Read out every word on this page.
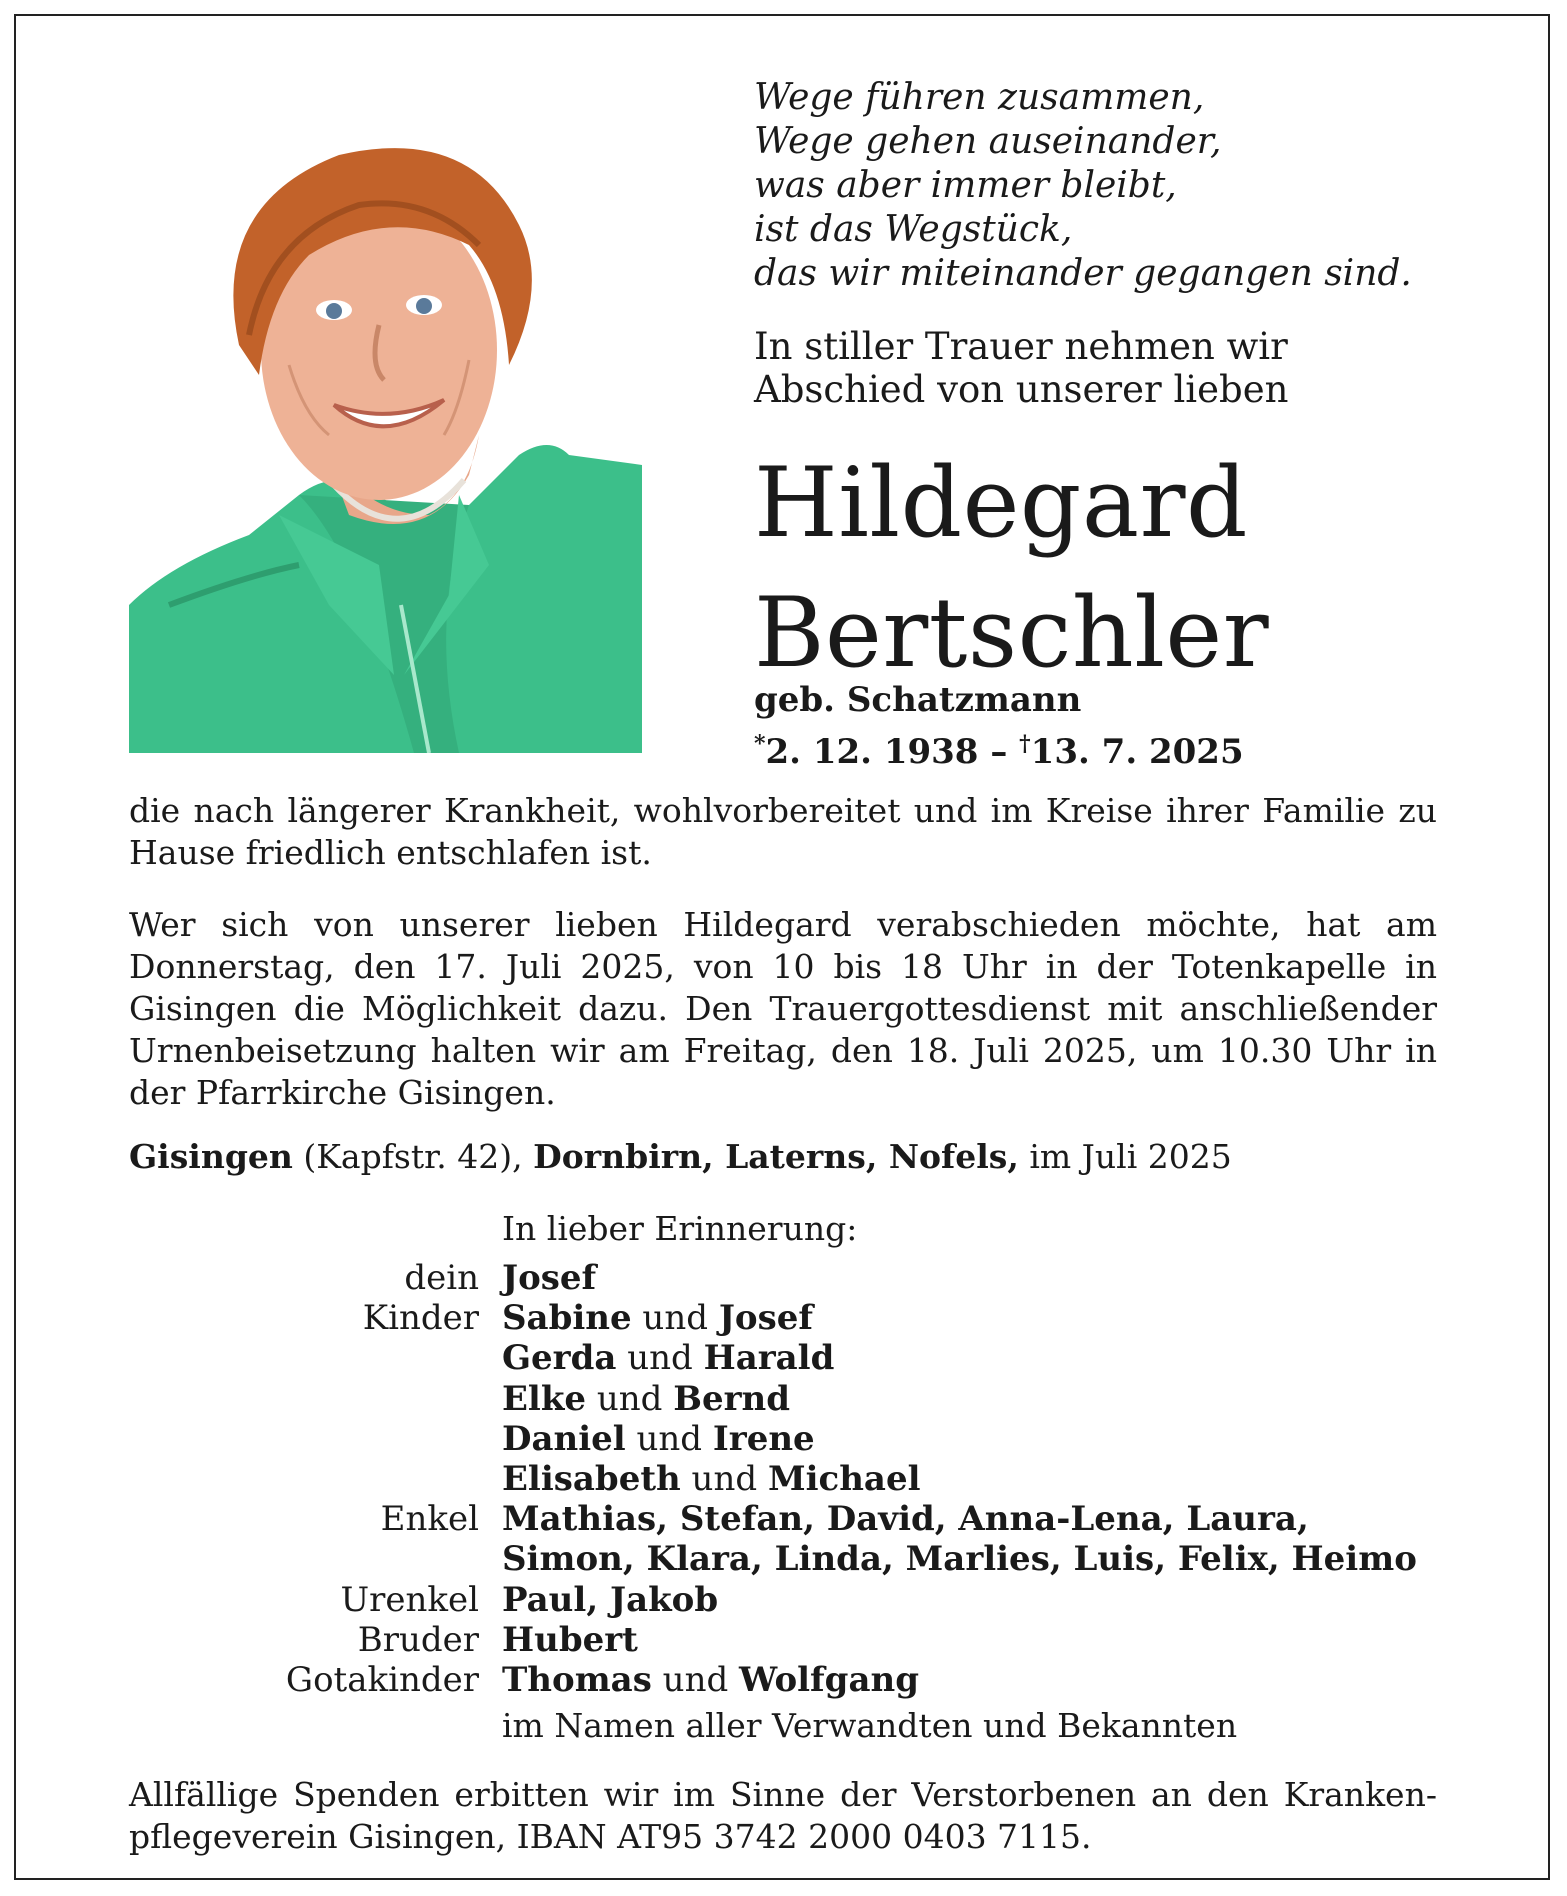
Wege führen zusammen,
Wege gehen auseinander,
was aber immer bleibt,
ist das Wegstück,
das wir miteinander gegangen sind.
In stiller Trauer nehmen wir Abschied von unserer lieben
Hildegard
Bertschler
geb. Schatzmann
*2. 12. 1938 – †13. 7. 2025
die nach längerer Krankheit, wohlvorbereitet und im Kreise ihrer Familie zu Hause friedlich entschlafen ist.
Wer sich von unserer lieben Hildegard verabschieden möchte, hat am Donnerstag, den 17. Juli 2025, von 10 bis 18 Uhr in der Totenkapelle in Gisingen die Möglichkeit dazu. Den Trauergottesdienst mit anschließender Urnenbeisetzung halten wir am Freitag, den 18. Juli 2025, um 10.30 Uhr in der Pfarrkirche Gisingen.
Gisingen (Kapfstr. 42), Dornbirn, Laterns, Nofels, im Juli 2025
In lieber Erinnerung:
dein Josef
Kinder Sabine und Josef
Gerda und Harald
Elke und Bernd
Daniel und Irene
Elisabeth und Michael
Enkel Mathias, Stefan, David, Anna-Lena, Laura,
Simon, Klara, Linda, Marlies, Luis, Felix, Heimo
Urenkel Paul, Jakob
Bruder Hubert
Gotakinder Thomas und Wolfgang
im Namen aller Verwandten und Bekannten
Allfällige Spenden erbitten wir im Sinne der Verstorbenen an den Kranken-pflegeverein Gisingen, IBAN AT95 3742 2000 0403 7115.
